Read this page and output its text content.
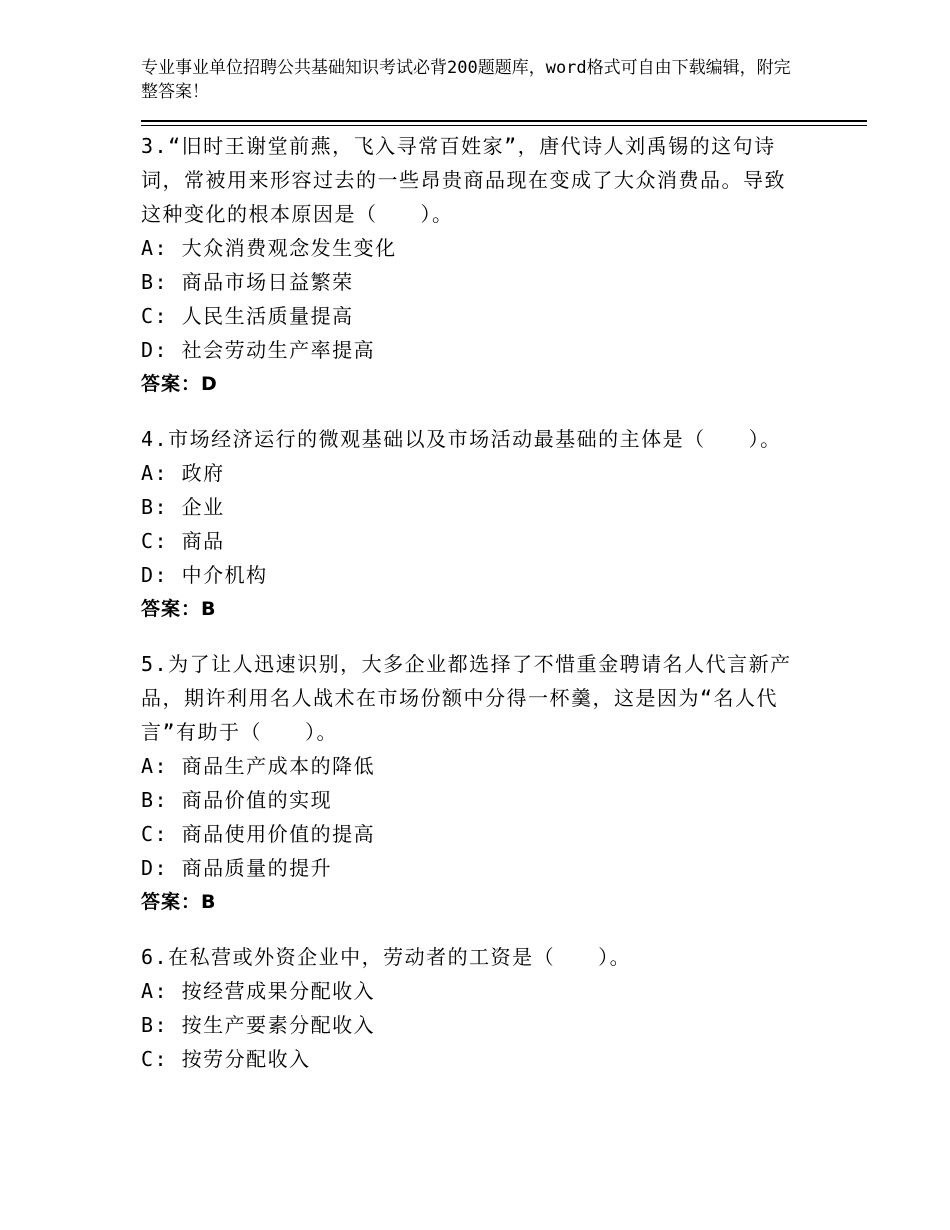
专业事业单位招聘公共基础知识考试必背200题题库，word格式可自由下载编辑，附完整答案！

3.“旧时王谢堂前燕，飞入寻常百姓家”，唐代诗人刘禹锡的这句诗词，常被用来形容过去的一些昂贵商品现在变成了大众消费品。导致这种变化的根本原因是（　　）。

A: 大众消费观念发生变化

B: 商品市场日益繁荣

C: 人民生活质量提高

D: 社会劳动生产率提高

答案：D

4.市场经济运行的微观基础以及市场活动最基础的主体是（　　）。

A: 政府

B: 企业

C: 商品

D: 中介机构

答案：B

5.为了让人迅速识别，大多企业都选择了不惜重金聘请名人代言新产品，期许利用名人战术在市场份额中分得一杯羹，这是因为“名人代言”有助于（　　）。

A: 商品生产成本的降低

B: 商品价值的实现

C: 商品使用价值的提高

D: 商品质量的提升

答案：B

6.在私营或外资企业中，劳动者的工资是（　　）。

A: 按经营成果分配收入

B: 按生产要素分配收入

C: 按劳分配收入
